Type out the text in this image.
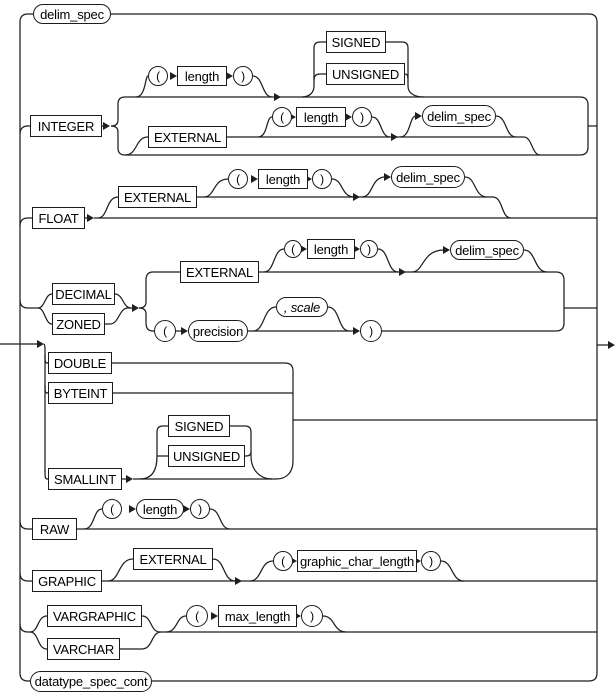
delim_spec
INTEGER
(	length	)
SIGNED
UNSIGNED
EXTERNAL
(	length	)	delim_spec
FLOAT
EXTERNAL
(	length	)	delim_spec
DECIMAL
ZONED
EXTERNAL
(	length	)	delim_spec
(	precision
, scale
)
DOUBLE
BYTEINT
SMALLINT
SIGNED
UNSIGNED
RAW
(	length	)
GRAPHIC
EXTERNAL	(	graphic_char_length	)
VARGRAPHIC
VARCHAR
(	max_length	)
datatype_spec_cont
